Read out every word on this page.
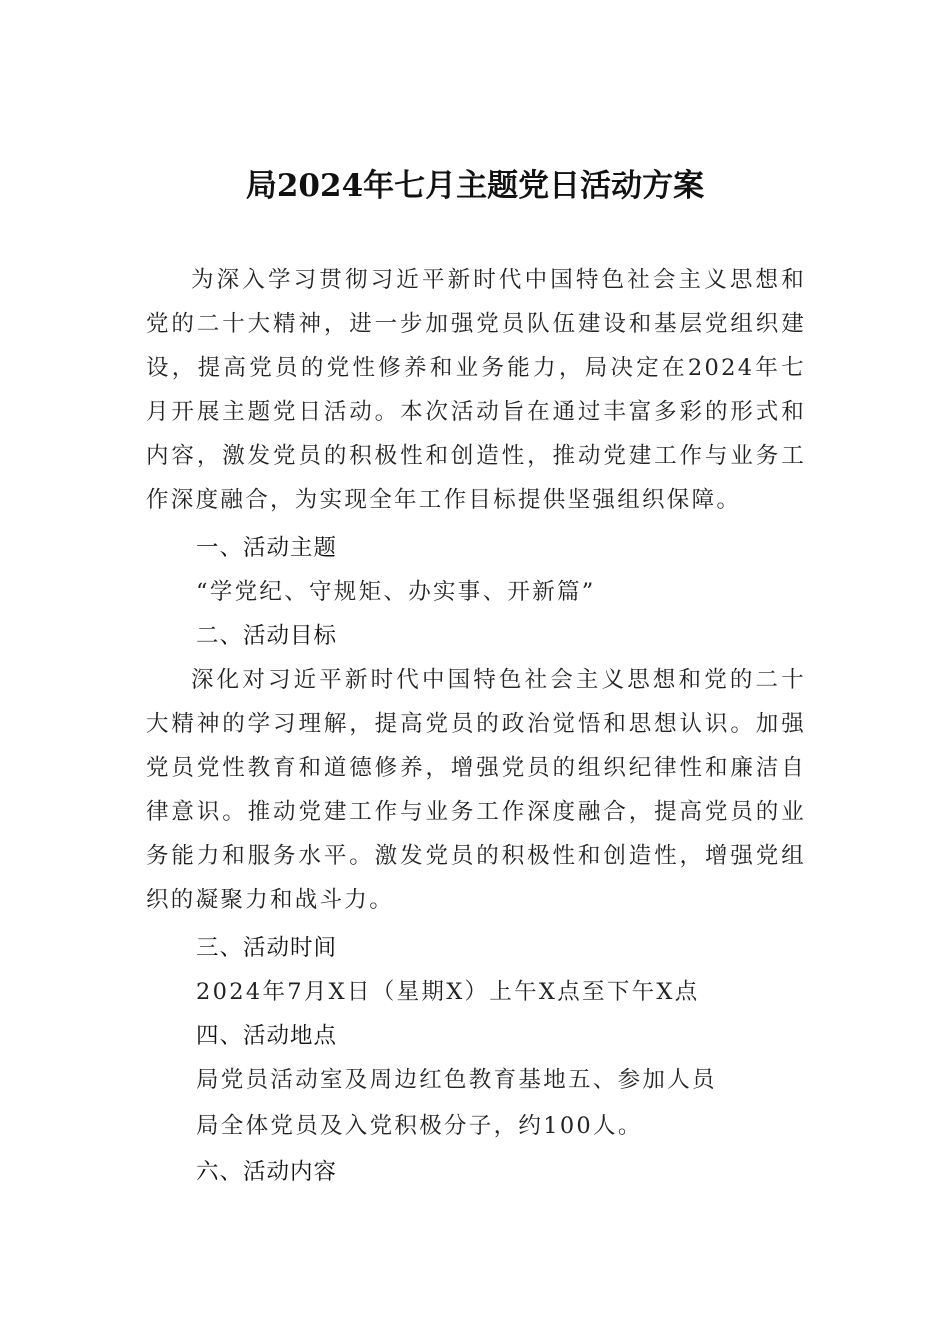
局2024年七月主题党日活动方案

为深入学习贯彻习近平新时代中国特色社会主义思想和党的二十大精神，进一步加强党员队伍建设和基层党组织建设，提高党员的党性修养和业务能力，局决定在2024年七月开展主题党日活动。本次活动旨在通过丰富多彩的形式和内容，激发党员的积极性和创造性，推动党建工作与业务工作深度融合，为实现全年工作目标提供坚强组织保障。

一、活动主题
“学党纪、守规矩、办实事、开新篇”
二、活动目标

深化对习近平新时代中国特色社会主义思想和党的二十大精神的学习理解，提高党员的政治觉悟和思想认识。加强党员党性教育和道德修养，增强党员的组织纪律性和廉洁自律意识。推动党建工作与业务工作深度融合，提高党员的业务能力和服务水平。激发党员的积极性和创造性，增强党组织的凝聚力和战斗力。

三、活动时间
2024年7月X日（星期X）上午X点至下午X点
四、活动地点
局党员活动室及周边红色教育基地五、参加人员
局全体党员及入党积极分子，约100人。
六、活动内容
